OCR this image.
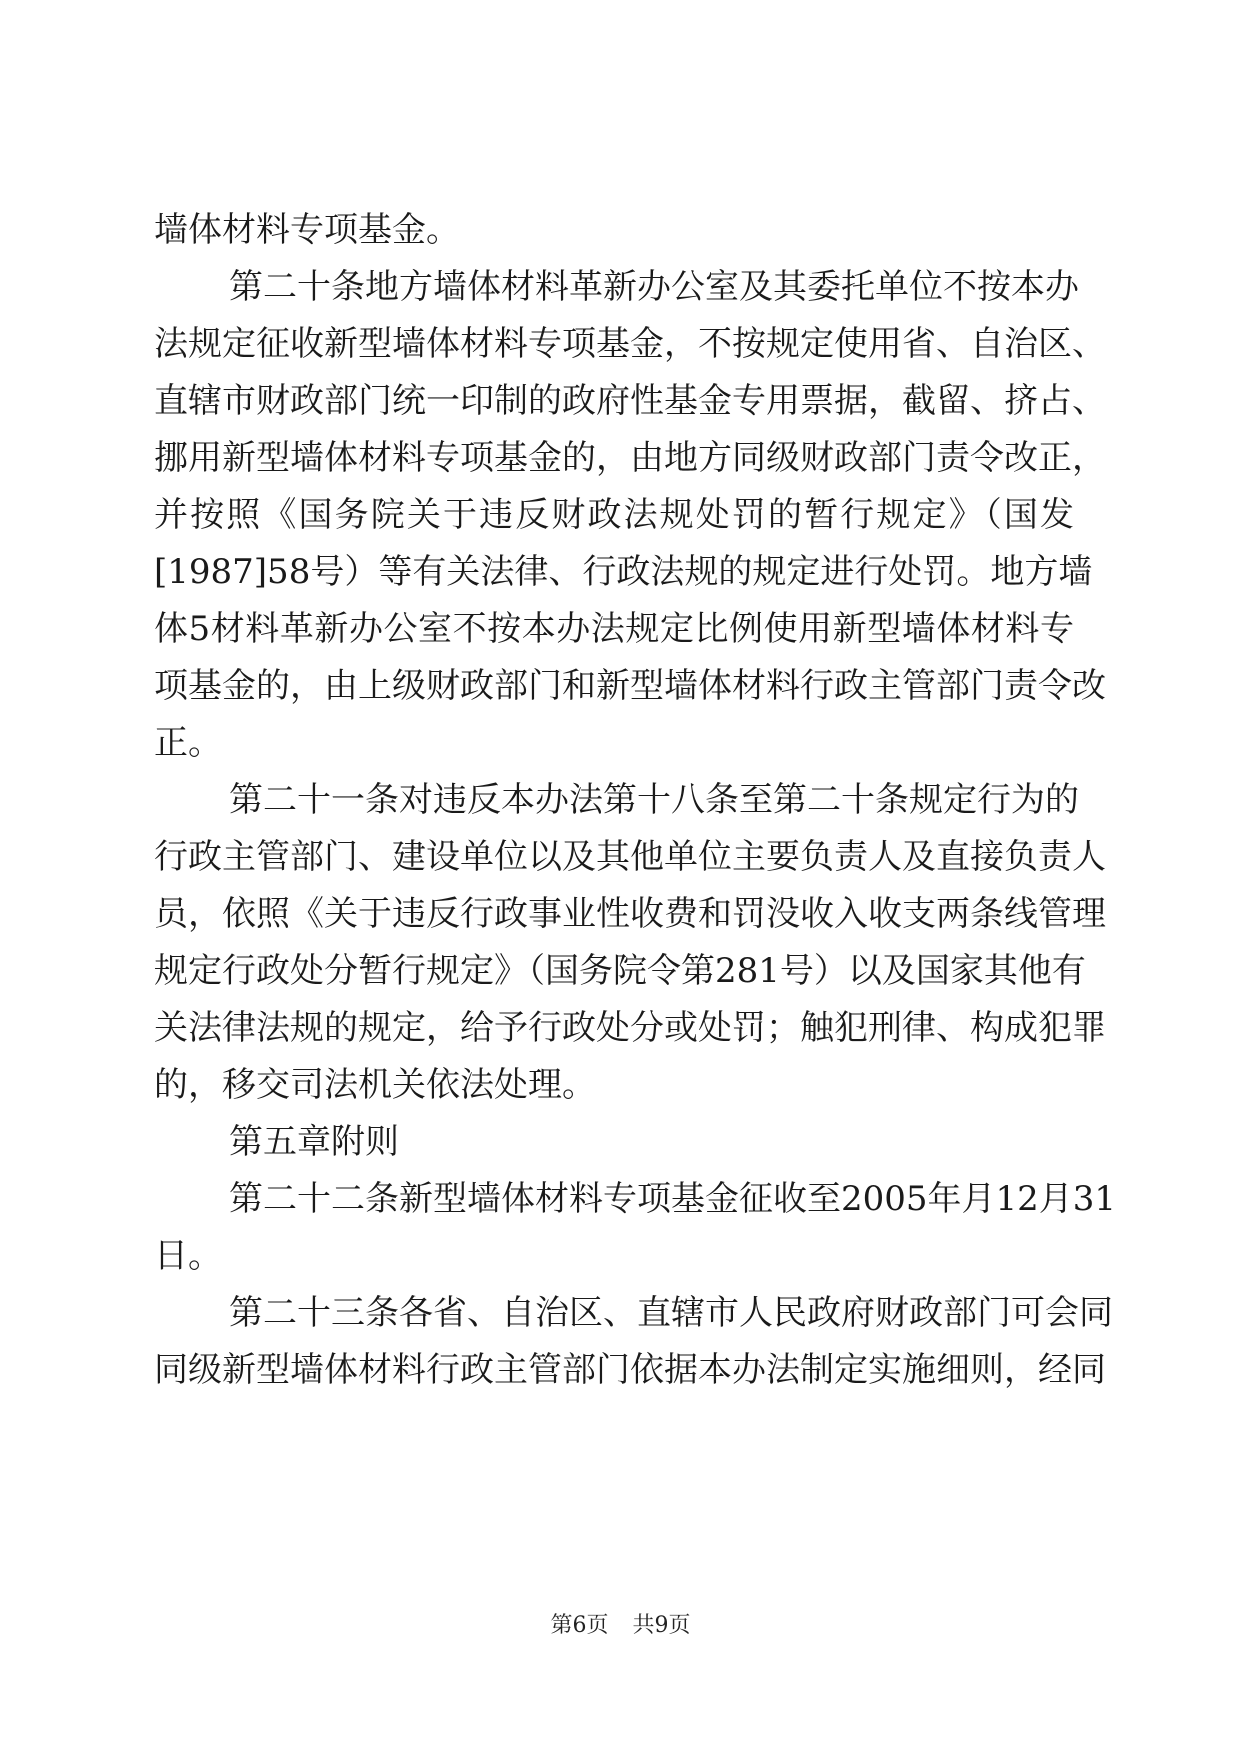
墙体材料专项基金。
第二十条地方墙体材料革新办公室及其委托单位不按本办
法规定征收新型墙体材料专项基金，不按规定使用省、自治区、
直辖市财政部门统一印制的政府性基金专用票据，截留、挤占、
挪用新型墙体材料专项基金的，由地方同级财政部门责令改正，
并按照《国务院关于违反财政法规处罚的暂行规定》（国发
[1987]58号）等有关法律、行政法规的规定进行处罚。地方墙
体5材料革新办公室不按本办法规定比例使用新型墙体材料专
项基金的，由上级财政部门和新型墙体材料行政主管部门责令改
正。
第二十一条对违反本办法第十八条至第二十条规定行为的
行政主管部门、建设单位以及其他单位主要负责人及直接负责人
员，依照《关于违反行政事业性收费和罚没收入收支两条线管理
规定行政处分暂行规定》（国务院令第281号）以及国家其他有
关法律法规的规定，给予行政处分或处罚；触犯刑律、构成犯罪
的，移交司法机关依法处理。
第五章附则
第二十二条新型墙体材料专项基金征收至2005年月12月31
日。
第二十三条各省、自治区、直辖市人民政府财政部门可会同
同级新型墙体材料行政主管部门依据本办法制定实施细则，经同
第6页 共9页
